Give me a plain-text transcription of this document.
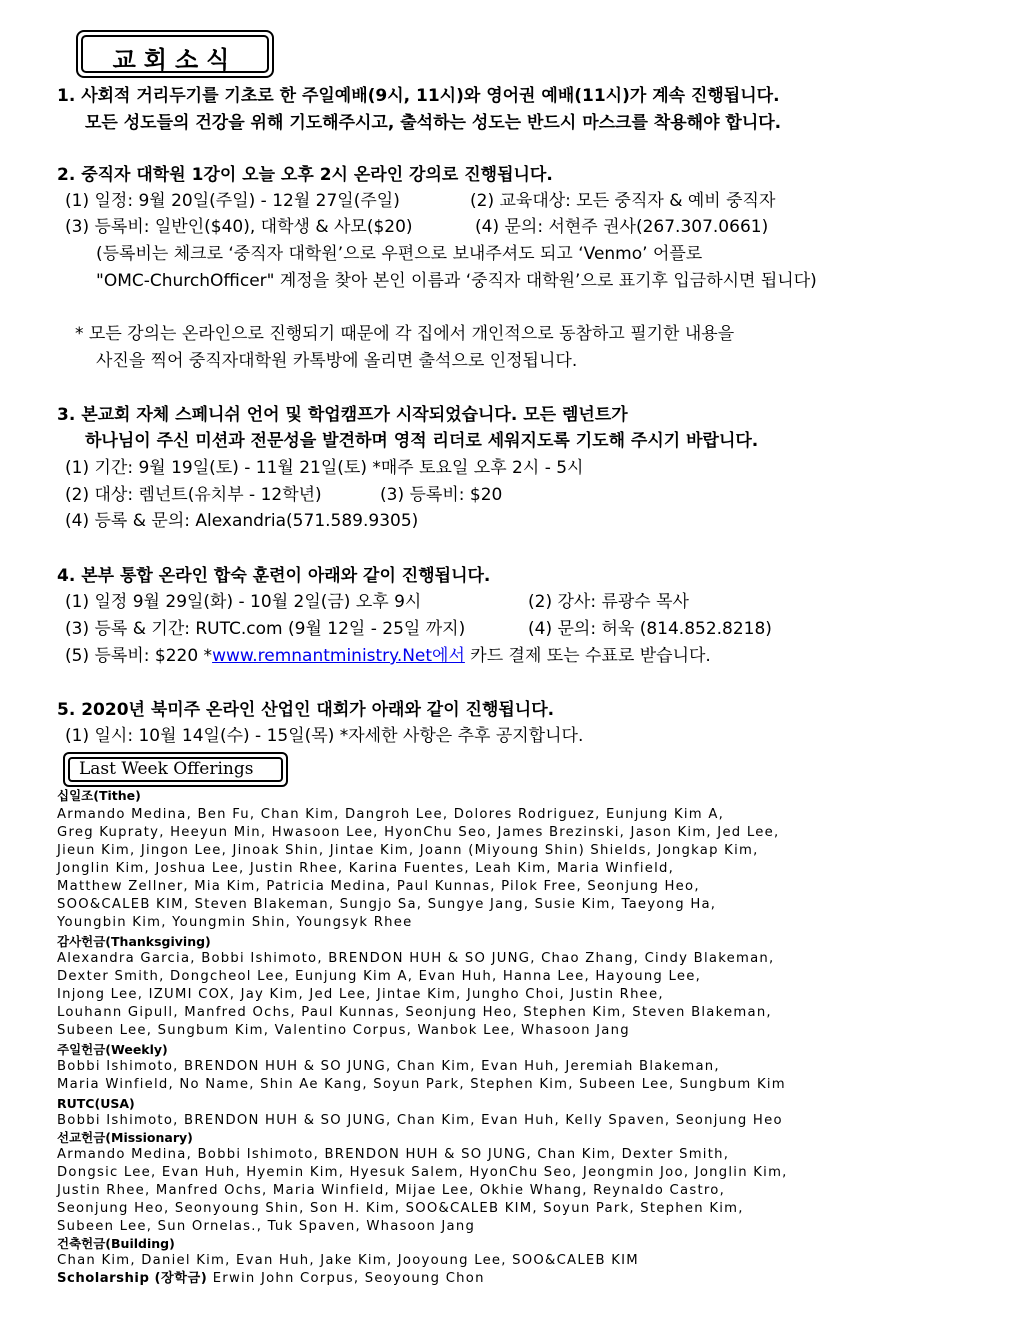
교회소식
1. 사회적 거리두기를 기초로 한 주일예배(9시, 11시)와 영어권 예배(11시)가 계속 진행됩니다.
모든 성도들의 건강을 위해 기도해주시고, 출석하는 성도는 반드시 마스크를 착용해야 합니다.
2. 중직자 대학원 1강이 오늘 오후 2시 온라인 강의로 진행됩니다.
(1) 일정: 9월 20일(주일) - 12월 27일(주일)	(2) 교육대상: 모든 중직자 & 예비 중직자
(3) 등록비: 일반인($40), 대학생 & 사모($20)	(4) 문의: 서현주 권사(267.307.0661)
(등록비는 체크로 ‘중직자 대학원’으로 우편으로 보내주셔도 되고 ‘Venmo’ 어플로
"OMC-ChurchOfficer" 계정을 찾아 본인 이름과 ‘중직자 대학원’으로 표기후 입금하시면 됩니다)
* 모든 강의는 온라인으로 진행되기 때문에 각 집에서 개인적으로 동참하고 필기한 내용을
사진을 찍어 중직자대학원 카톡방에 올리면 출석으로 인정됩니다.
3. 본교회 자체 스페니쉬 언어 및 학업캠프가 시작되었습니다. 모든 렘넌트가
하나님이 주신 미션과 전문성을 발견하며 영적 리더로 세워지도록 기도해 주시기 바랍니다.
(1) 기간: 9월 19일(토) - 11월 21일(토) *매주 토요일 오후 2시 - 5시
(2) 대상: 렘넌트(유치부 - 12학년)	(3) 등록비: $20
(4) 등록 & 문의: Alexandria(571.589.9305)
4. 본부 통합 온라인 합숙 훈련이 아래와 같이 진행됩니다.
(1) 일정 9월 29일(화) - 10월 2일(금) 오후 9시	(2) 강사: 류광수 목사
(3) 등록 & 기간: RUTC.com (9월 12일 - 25일 까지)	(4) 문의: 허욱 (814.852.8218)
(5) 등록비: $220 *www.remnantministry.Net에서 카드 결제 또는 수표로 받습니다.
5. 2020년 북미주 온라인 산업인 대회가 아래와 같이 진행됩니다.
(1) 일시: 10월 14일(수) - 15일(목) *자세한 사항은 추후 공지합니다.
Last Week Offerings
십일조(Tithe)
Armando Medina, Ben Fu, Chan Kim, Dangroh Lee, Dolores Rodriguez, Eunjung Kim A,
Greg Kupraty, Heeyun Min, Hwasoon Lee, HyonChu Seo, James Brezinski, Jason Kim, Jed Lee,
Jieun Kim, Jingon Lee, Jinoak Shin, Jintae Kim, Joann (Miyoung Shin) Shields, Jongkap Kim,
Jonglin Kim, Joshua Lee, Justin Rhee, Karina Fuentes, Leah Kim, Maria Winfield,
Matthew Zellner, Mia Kim, Patricia Medina, Paul Kunnas, Pilok Free, Seonjung Heo,
SOO&CALEB KIM, Steven Blakeman, Sungjo Sa, Sungye Jang, Susie Kim, Taeyong Ha,
Youngbin Kim, Youngmin Shin, Youngsyk Rhee
감사헌금(Thanksgiving)
Alexandra Garcia, Bobbi Ishimoto, BRENDON HUH & SO JUNG, Chao Zhang, Cindy Blakeman,
Dexter Smith, Dongcheol Lee, Eunjung Kim A, Evan Huh, Hanna Lee, Hayoung Lee,
Injong Lee, IZUMI COX, Jay Kim, Jed Lee, Jintae Kim, Jungho Choi, Justin Rhee,
Louhann Gipull, Manfred Ochs, Paul Kunnas, Seonjung Heo, Stephen Kim, Steven Blakeman,
Subeen Lee, Sungbum Kim, Valentino Corpus, Wanbok Lee, Whasoon Jang
주일헌금(Weekly)
Bobbi Ishimoto, BRENDON HUH & SO JUNG, Chan Kim, Evan Huh, Jeremiah Blakeman,
Maria Winfield, No Name, Shin Ae Kang, Soyun Park, Stephen Kim, Subeen Lee, Sungbum Kim
RUTC(USA)
Bobbi Ishimoto, BRENDON HUH & SO JUNG, Chan Kim, Evan Huh, Kelly Spaven, Seonjung Heo
선교헌금(Missionary)
Armando Medina, Bobbi Ishimoto, BRENDON HUH & SO JUNG, Chan Kim, Dexter Smith,
Dongsic Lee, Evan Huh, Hyemin Kim, Hyesuk Salem, HyonChu Seo, Jeongmin Joo, Jonglin Kim,
Justin Rhee, Manfred Ochs, Maria Winfield, Mijae Lee, Okhie Whang, Reynaldo Castro,
Seonjung Heo, Seonyoung Shin, Son H. Kim, SOO&CALEB KIM, Soyun Park, Stephen Kim,
Subeen Lee, Sun Ornelas., Tuk Spaven, Whasoon Jang
건축헌금(Building)
Chan Kim, Daniel Kim, Evan Huh, Jake Kim, Jooyoung Lee, SOO&CALEB KIM
Scholarship (장학금) Erwin John Corpus, Seoyoung Chon
